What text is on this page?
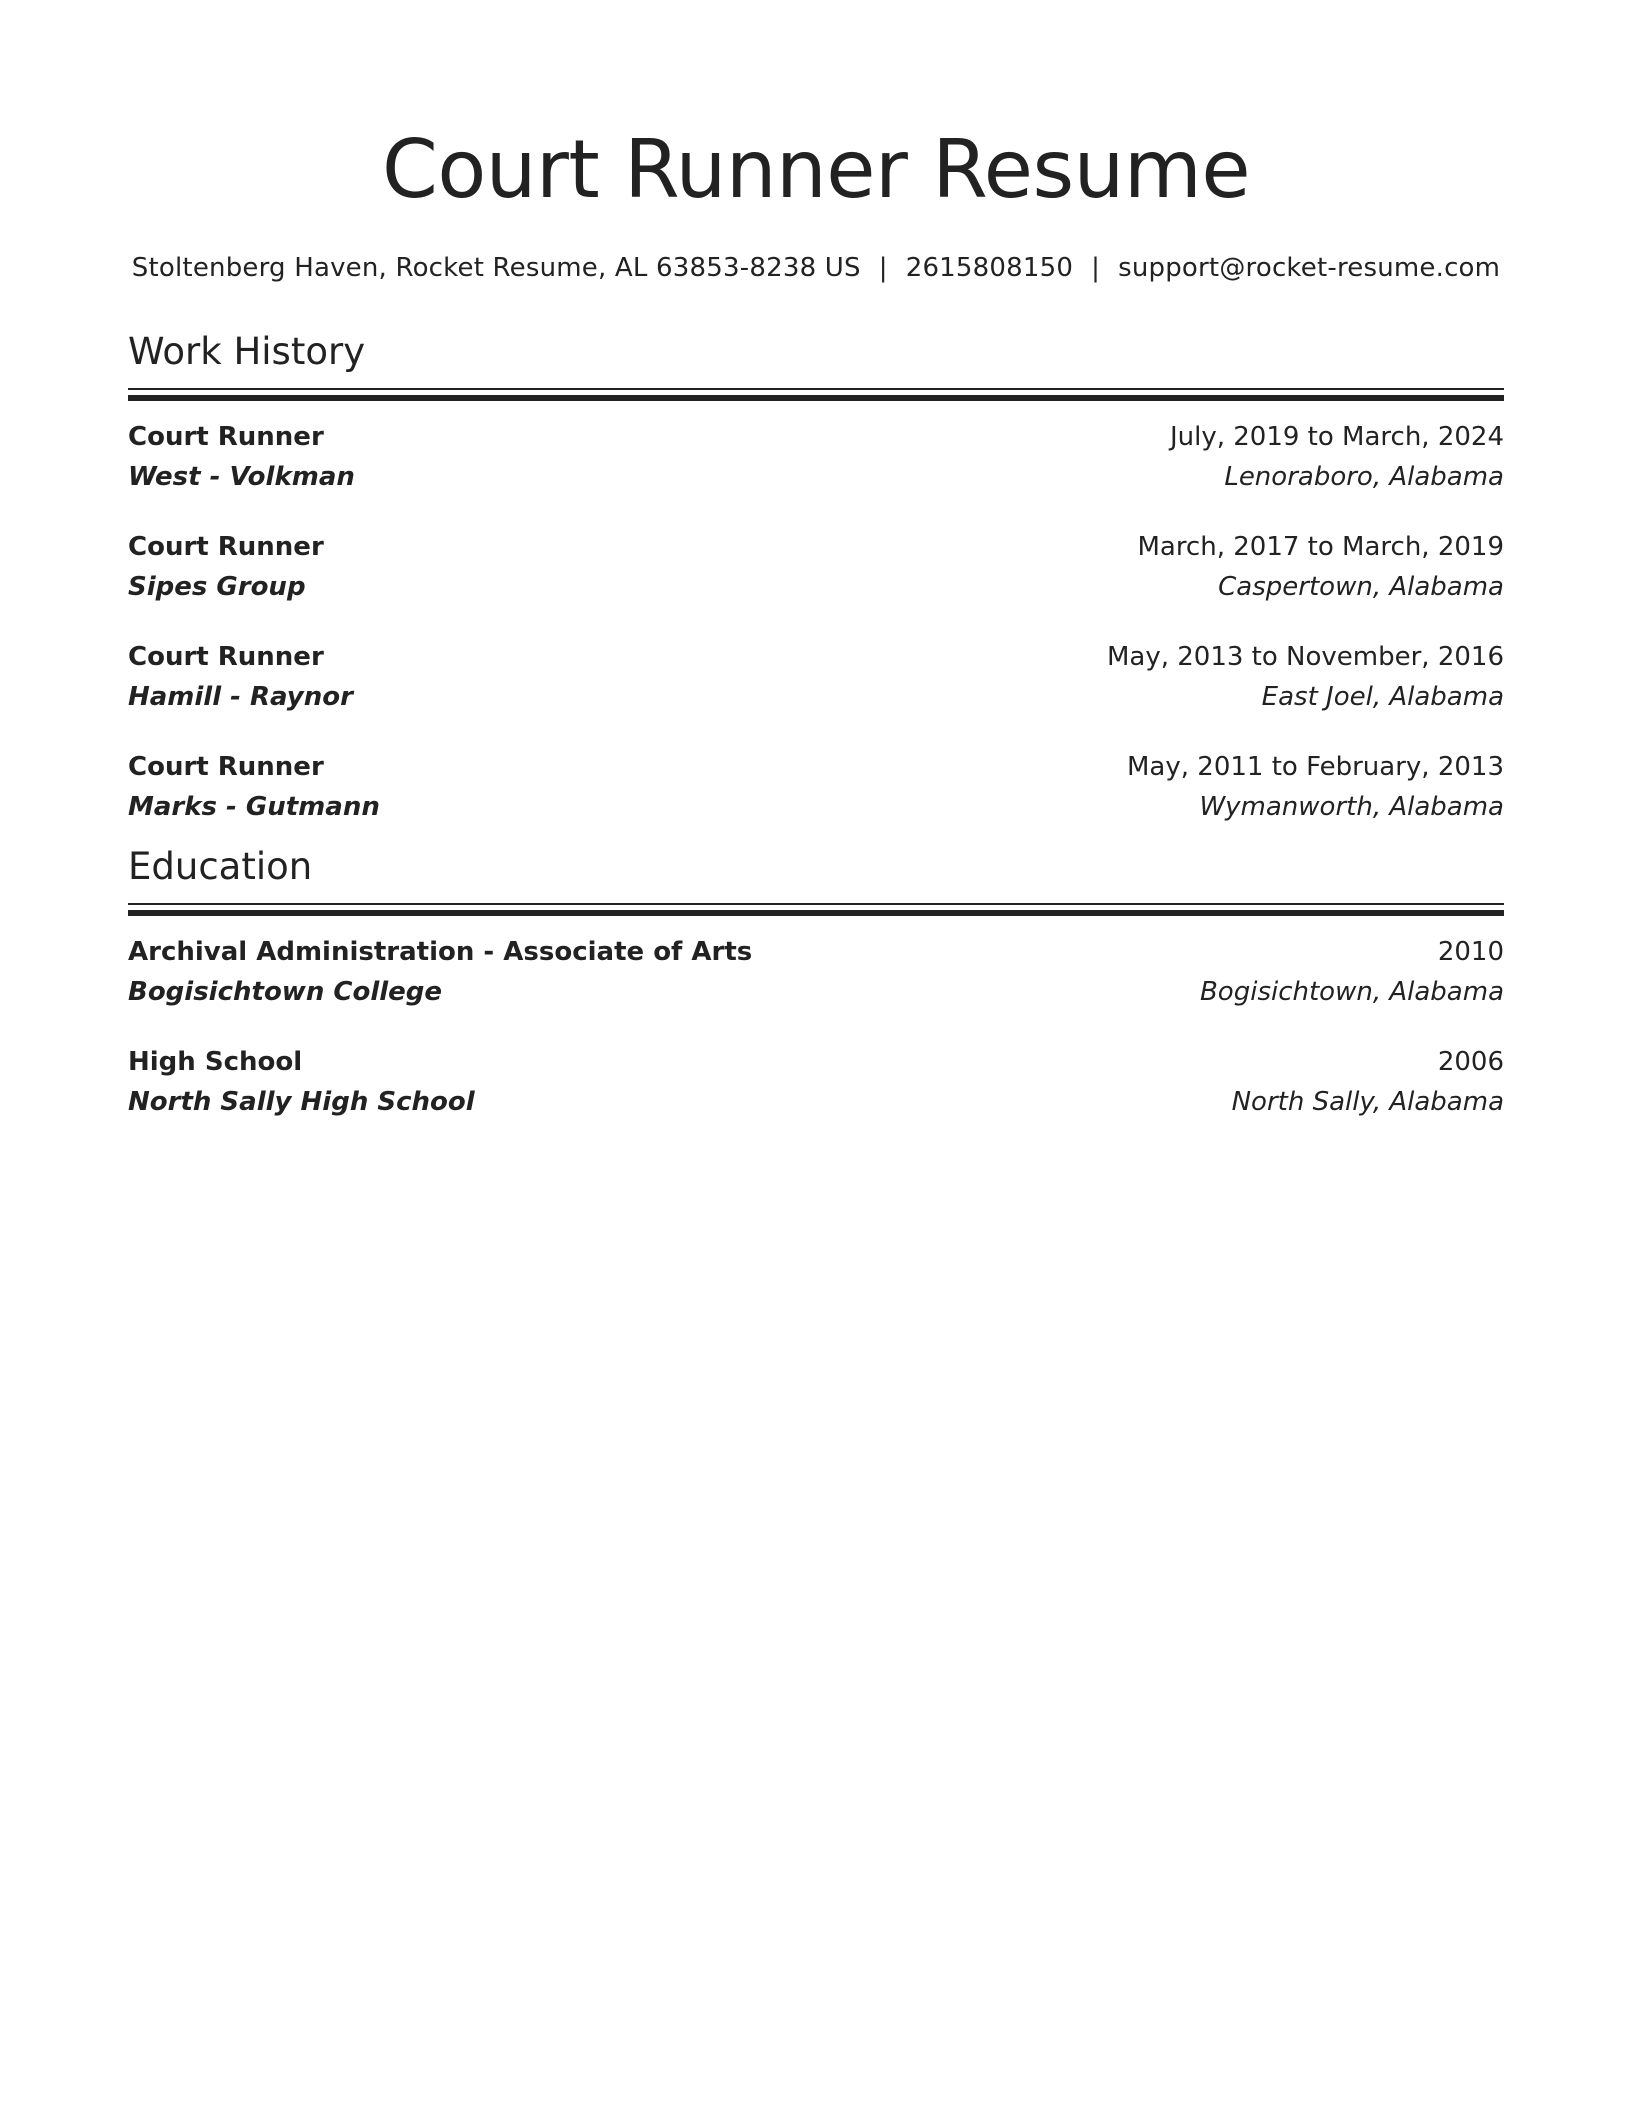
Court Runner Resume
Stoltenberg Haven, Rocket Resume, AL 63853-8238 US | 2615808150 | support@rocket-resume.com
Work History
Court Runner	July, 2019 to March, 2024
West - Volkman	Lenoraboro, Alabama
Court Runner	March, 2017 to March, 2019
Sipes Group	Caspertown, Alabama
Court Runner	May, 2013 to November, 2016
Hamill - Raynor	East Joel, Alabama
Court Runner	May, 2011 to February, 2013
Marks - Gutmann	Wymanworth, Alabama
Education
Archival Administration - Associate of Arts	2010
Bogisichtown College	Bogisichtown, Alabama
High School	2006
North Sally High School	North Sally, Alabama
